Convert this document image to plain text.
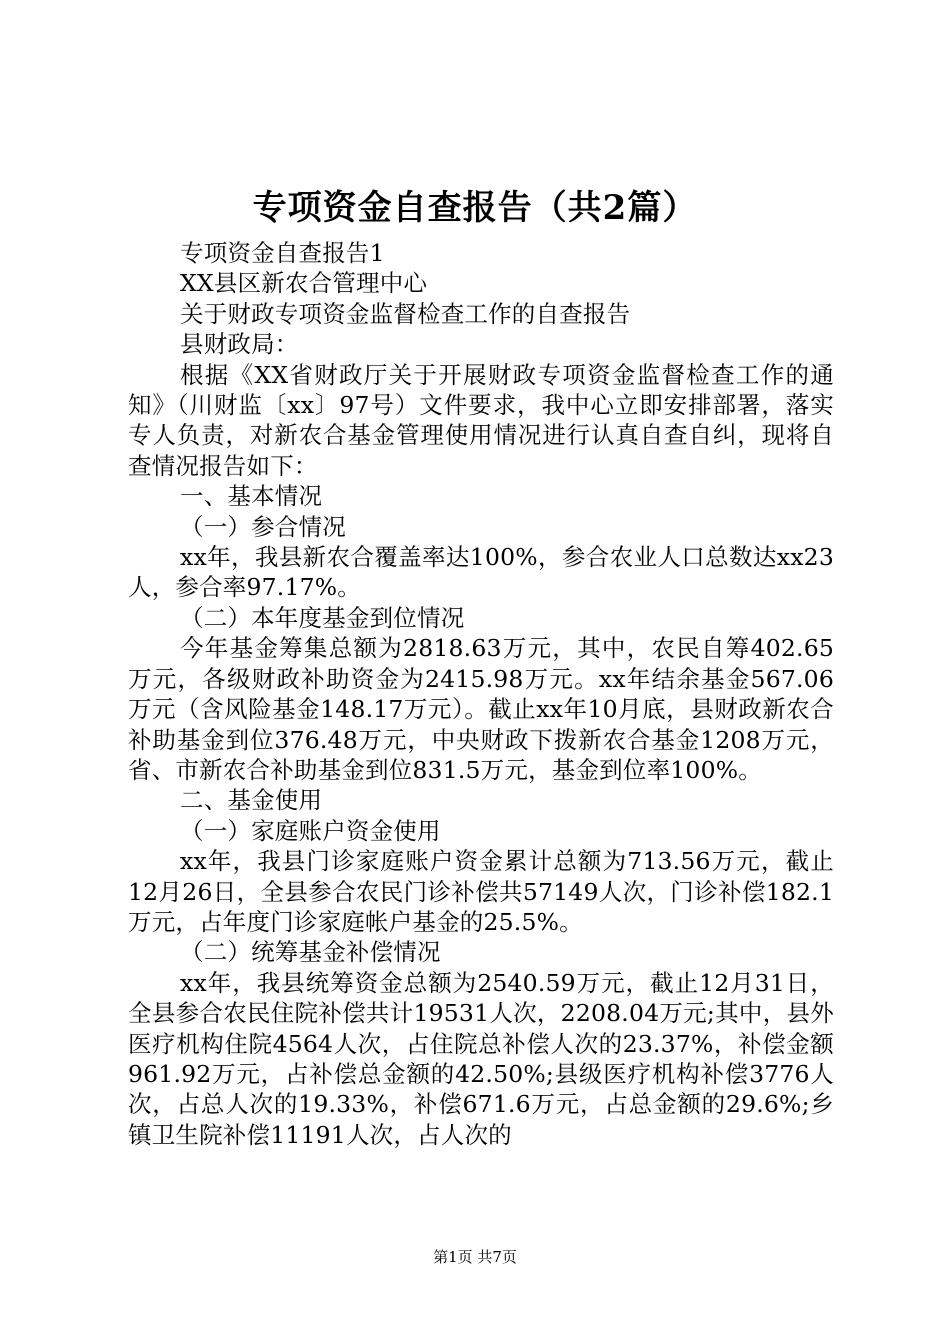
专项资金自查报告（共2篇）

专项资金自查报告1

XX县区新农合管理中心

关于财政专项资金监督检查工作的自查报告

县财政局：

根据《XX省财政厅关于开展财政专项资金监督检查工作的通知》（川财监〔xx〕97号）文件要求，我中心立即安排部署，落实专人负责，对新农合基金管理使用情况进行认真自查自纠，现将自查情况报告如下：

一、基本情况

（一）参合情况

xx年，我县新农合覆盖率达100%，参合农业人口总数达xx23人，参合率97.17%。

（二）本年度基金到位情况

今年基金筹集总额为2818.63万元，其中，农民自筹402.65万元，各级财政补助资金为2415.98万元。xx年结余基金567.06万元（含风险基金148.17万元）。截止xx年10月底，县财政新农合补助基金到位376.48万元，中央财政下拨新农合基金1208万元，省、市新农合补助基金到位831.5万元，基金到位率100%。

二、基金使用

（一）家庭账户资金使用

xx年，我县门诊家庭账户资金累计总额为713.56万元，截止12月26日，全县参合农民门诊补偿共57149人次，门诊补偿182.1万元，占年度门诊家庭帐户基金的25.5%。

（二）统筹基金补偿情况

xx年，我县统筹资金总额为2540.59万元，截止12月31日，全县参合农民住院补偿共计19531人次，2208.04万元;其中，县外医疗机构住院4564人次，占住院总补偿人次的23.37%，补偿金额961.92万元，占补偿总金额的42.50%;县级医疗机构补偿3776人次，占总人次的19.33%，补偿671.6万元，占总金额的29.6%;乡镇卫生院补偿11191人次，占人次的

第1页 共7页
